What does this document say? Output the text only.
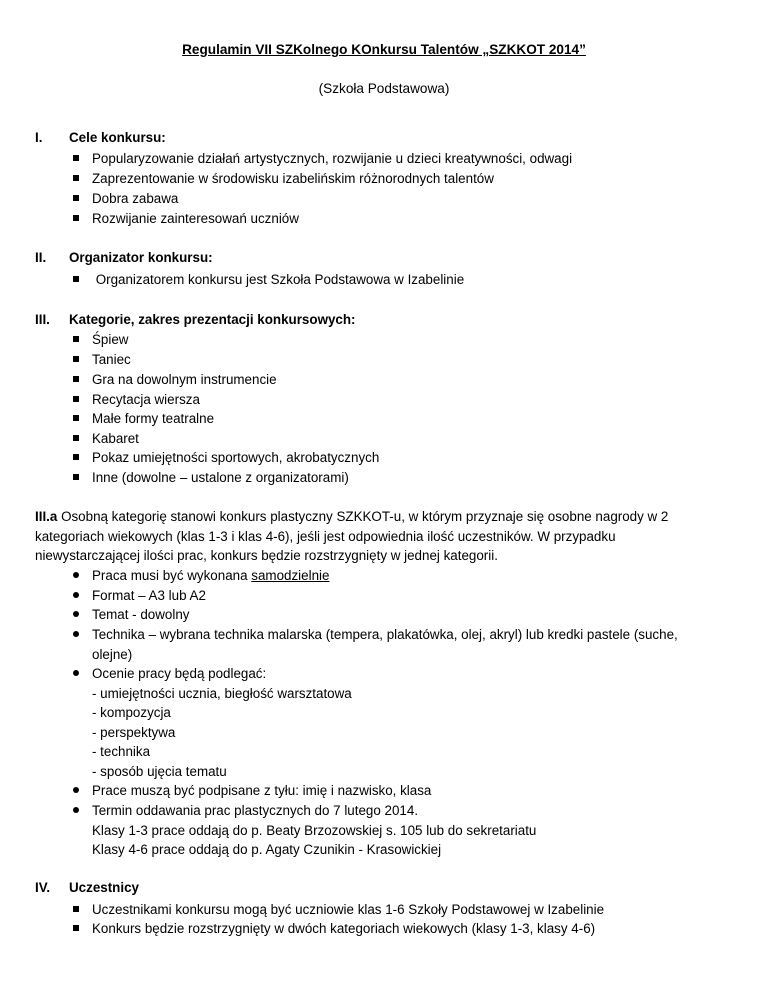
Regulamin VII SZKolnego KOnkursu Talentów „SZKKOT 2014”
(Szkoła Podstawowa)
I. Cele konkursu:
Popularyzowanie działań artystycznych, rozwijanie u dzieci kreatywności, odwagi
Zaprezentowanie w środowisku izabelińskim różnorodnych talentów
Dobra zabawa
Rozwijanie zainteresowań uczniów
II. Organizator konkursu:
Organizatorem konkursu jest Szkoła Podstawowa w Izabelinie
III. Kategorie, zakres prezentacji konkursowych:
Śpiew
Taniec
Gra na dowolnym instrumencie
Recytacja wiersza
Małe formy teatralne
Kabaret
Pokaz umiejętności sportowych, akrobatycznych
Inne (dowolne – ustalone z organizatorami)
III.a Osobną kategorię stanowi konkurs plastyczny SZKKOT-u, w którym przyznaje się osobne nagrody w 2
kategoriach wiekowych (klas 1-3 i klas 4-6), jeśli jest odpowiednia ilość uczestników. W przypadku
niewystarczającej ilości prac, konkurs będzie rozstrzygnięty w jednej kategorii.
Praca musi być wykonana samodzielnie
Format – A3 lub A2
Temat - dowolny
Technika – wybrana technika malarska (tempera, plakatówka, olej, akryl) lub kredki pastele (suche,
olejne)
Ocenie pracy będą podlegać:
- umiejętności ucznia, biegłość warsztatowa
- kompozycja
- perspektywa
- technika
- sposób ujęcia tematu
Prace muszą być podpisane z tyłu: imię i nazwisko, klasa
Termin oddawania prac plastycznych do 7 lutego 2014.
Klasy 1-3 prace oddają do p. Beaty Brzozowskiej s. 105 lub do sekretariatu
Klasy 4-6 prace oddają do p. Agaty Czunikin - Krasowickiej
IV. Uczestnicy
Uczestnikami konkursu mogą być uczniowie klas 1-6 Szkoły Podstawowej w Izabelinie
Konkurs będzie rozstrzygnięty w dwóch kategoriach wiekowych (klasy 1-3, klasy 4-6)
